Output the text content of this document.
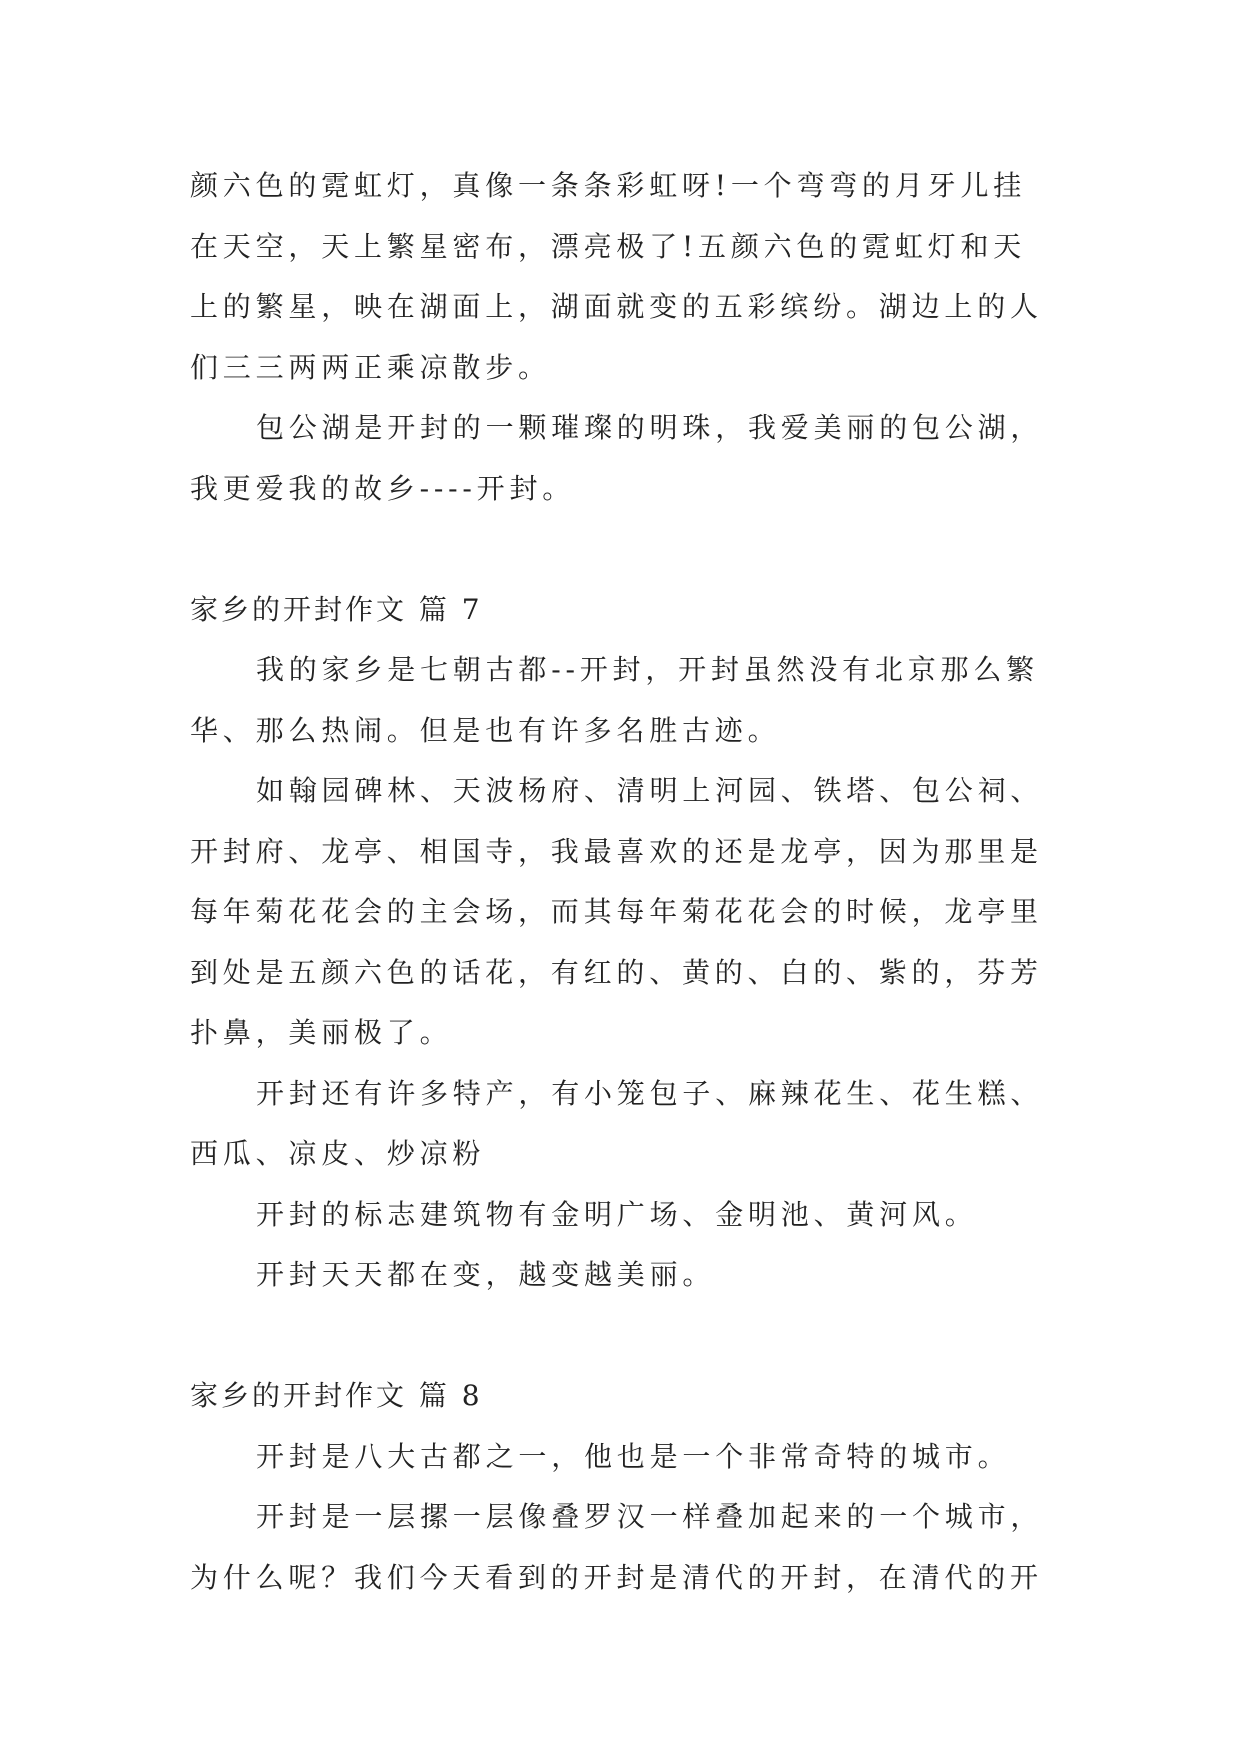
颜六色的霓虹灯，真像一条条彩虹呀!一个弯弯的月牙儿挂
在天空，天上繁星密布，漂亮极了!五颜六色的霓虹灯和天
上的繁星，映在湖面上，湖面就变的五彩缤纷。湖边上的人
们三三两两正乘凉散步。
包公湖是开封的一颗璀璨的明珠，我爱美丽的包公湖，
我更爱我的故乡----开封。
家乡的开封作文 篇 7
我的家乡是七朝古都--开封，开封虽然没有北京那么繁
华、那么热闹。但是也有许多名胜古迹。
如翰园碑林、天波杨府、清明上河园、铁塔、包公祠、
开封府、龙亭、相国寺，我最喜欢的还是龙亭，因为那里是
每年菊花花会的主会场，而其每年菊花花会的时候，龙亭里
到处是五颜六色的话花，有红的、黄的、白的、紫的，芬芳
扑鼻，美丽极了。
开封还有许多特产，有小笼包子、麻辣花生、花生糕、
西瓜、凉皮、炒凉粉
开封的标志建筑物有金明广场、金明池、黄河风。
开封天天都在变，越变越美丽。
家乡的开封作文 篇 8
开封是八大古都之一，他也是一个非常奇特的城市。
开封是一层摞一层像叠罗汉一样叠加起来的一个城市，
为什么呢？我们今天看到的开封是清代的开封，在清代的开
